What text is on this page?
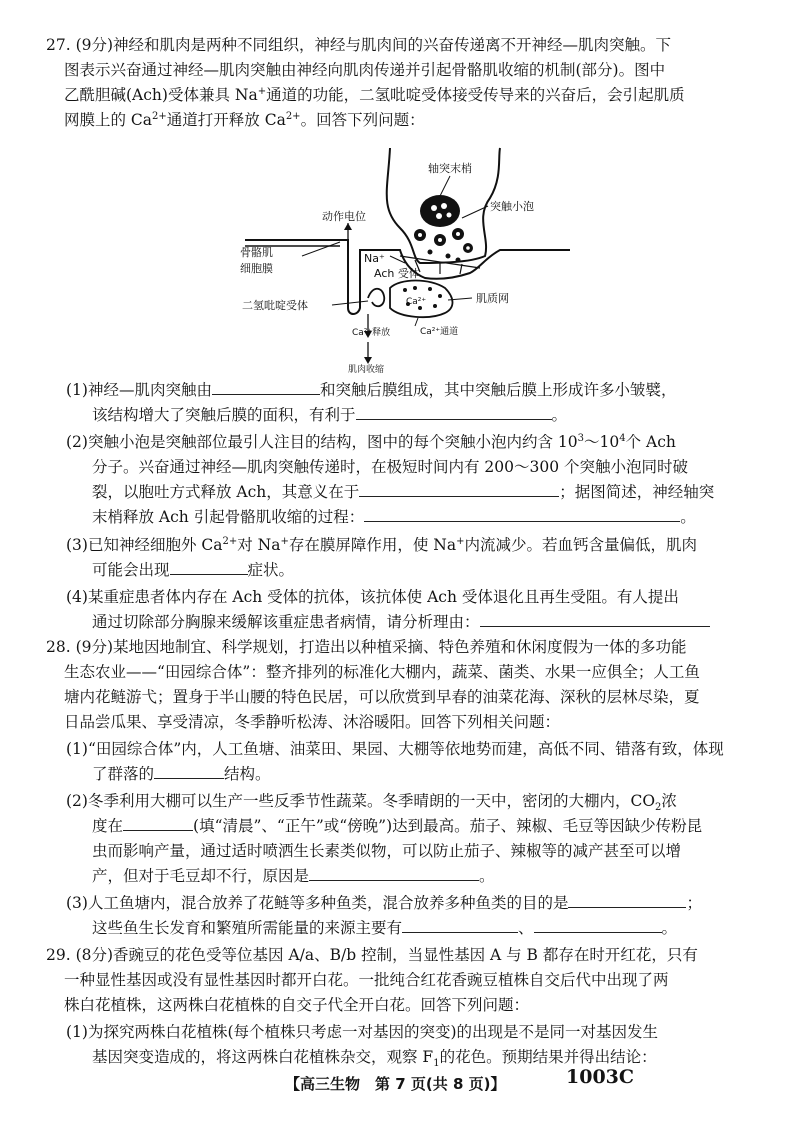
27. (9分)神经和肌肉是两种不同组织，神经与肌肉间的兴奋传递离不开神经—肌肉突触。下
图表示兴奋通过神经—肌肉突触由神经向肌肉传递并引起骨骼肌收缩的机制(部分)。图中
乙酰胆碱(Ach)受体兼具 Na+通道的功能，二氢吡啶受体接受传导来的兴奋后，会引起肌质
网膜上的 $Ca^{2+}$通道打开释放 $Ca^{2+}$。回答下列问题：
轴突末梢
突触小泡
动作电位
骨骼肌
细胞膜
Na⁺
Ach 受体
二氢吡啶受体	Ca²⁺	肌质网
Ca²⁺释放	Ca²⁺通道
肌肉收缩
(1)神经—肌肉突触由	和突触后膜组成，其中突触后膜上形成许多小皱襞，
该结构增大了突触后膜的面积，有利于	。
(2)突触小泡是突触部位最引人注目的结构，图中的每个突触小泡内约含 $10^3\sim 10^4$个 Ach
分子。兴奋通过神经—肌肉突触传递时，在极短时间内有 200～300 个突触小泡同时破
裂，以胞吐方式释放 Ach，其意义在于	；据图简述，神经轴突
末梢释放 Ach 引起骨骼肌收缩的过程：	。
(3)已知神经细胞外 $Ca^{2+}$对 Na+存在膜屏障作用，使 Na+内流减少。若血钙含量偏低，肌肉
可能会出现	症状。
(4)某重症患者体内存在 Ach 受体的抗体，该抗体使 Ach 受体退化且再生受阻。有人提出
通过切除部分胸腺来缓解该重症患者病情，请分析理由：
28. (9分)某地因地制宜、科学规划，打造出以种植采摘、特色养殖和休闲度假为一体的多功能
生态农业——“田园综合体”：整齐排列的标准化大棚内，蔬菜、菌类、水果一应俱全；人工鱼
塘内花鲢游弋；置身于半山腰的特色民居，可以欣赏到早春的油菜花海、深秋的层林尽染，夏
日品尝瓜果、享受清凉，冬季静听松涛、沐浴暖阳。回答下列相关问题：
(1)“田园综合体”内，人工鱼塘、油菜田、果园、大棚等依地势而建，高低不同、错落有致，体现
了群落的	结构。
(2)冬季利用大棚可以生产一些反季节性蔬菜。冬季晴朗的一天中，密闭的大棚内，$CO_2$浓
度在	(填“清晨”、“正午”或“傍晚”)达到最高。茄子、辣椒、毛豆等因缺少传粉昆
虫而影响产量，通过适时喷洒生长素类似物，可以防止茄子、辣椒等的减产甚至可以增
产，但对于毛豆却不行，原因是	。
(3)人工鱼塘内，混合放养了花鲢等多种鱼类，混合放养多种鱼类的目的是	；
这些鱼生长发育和繁殖所需能量的来源主要有	、	。
29. (8分)香豌豆的花色受等位基因 A/a、B/b 控制，当显性基因 A 与 B 都存在时开红花，只有
一种显性基因或没有显性基因时都开白花。一批纯合红花香豌豆植株自交后代中出现了两
株白花植株，这两株白花植株的自交子代全开白花。回答下列问题：
(1)为探究两株白花植株(每个植株只考虑一对基因的突变)的出现是不是同一对基因发生
基因突变造成的，将这两株白花植株杂交，观察 $F_1$的花色。预期结果并得出结论：
【高三生物　第 7 页(共 8 页)】	1003C
